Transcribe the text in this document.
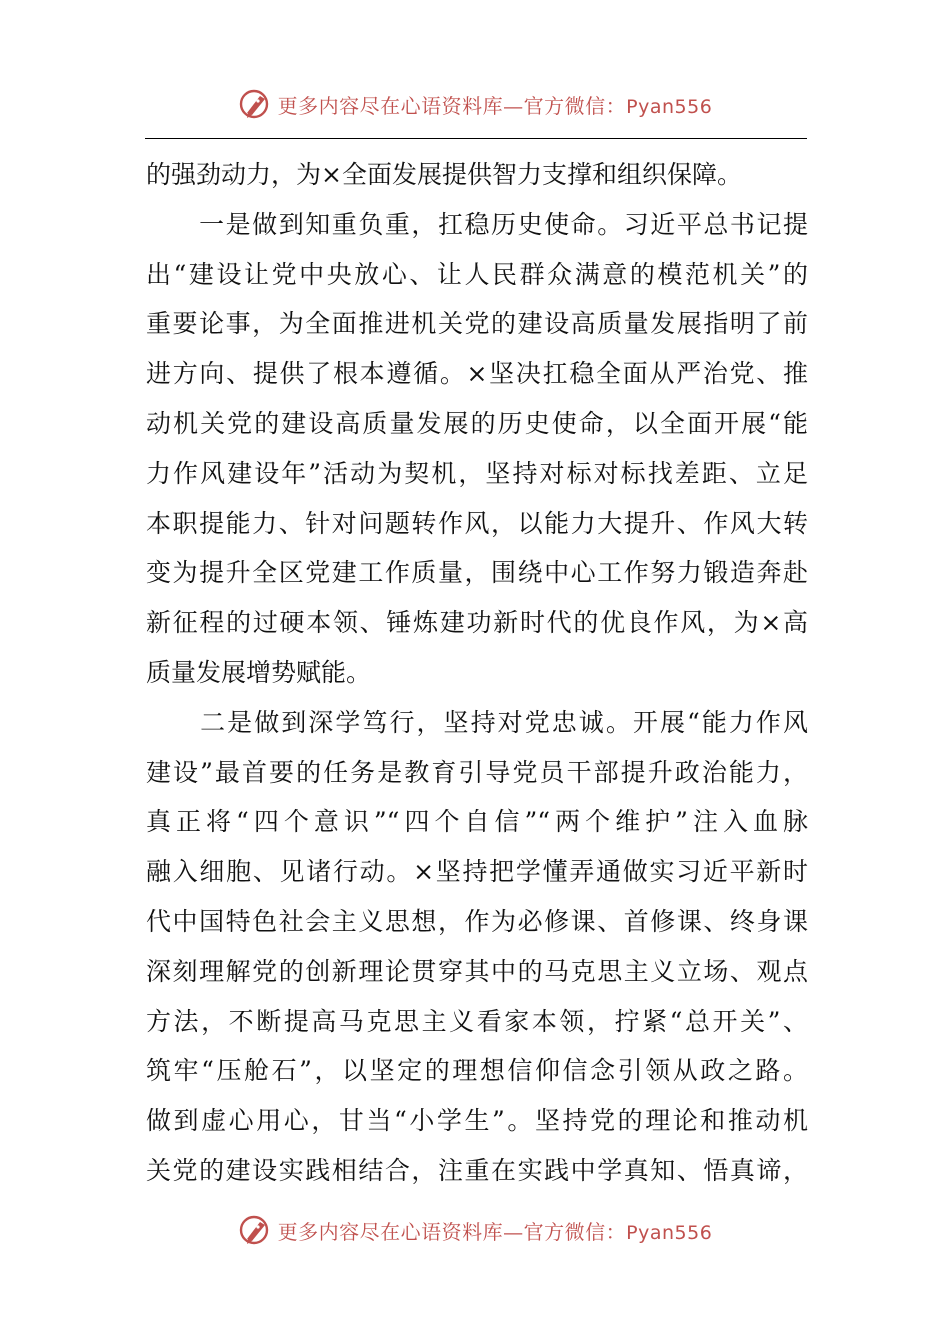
更多内容尽在心语资料库—官方微信：Pyan556
的强劲动力，为×全面发展提供智力支撑和组织保障。
　　一是做到知重负重，扛稳历史使命。习近平总书记提
出“建设让党中央放心、让人民群众满意的模范机关”的
重要论事，为全面推进机关党的建设高质量发展指明了前
进方向、提供了根本遵循。×坚决扛稳全面从严治党、推
动机关党的建设高质量发展的历史使命，以全面开展“能
力作风建设年”活动为契机，坚持对标对标找差距、立足
本职提能力、针对问题转作风，以能力大提升、作风大转
变为提升全区党建工作质量，围绕中心工作努力锻造奔赴
新征程的过硬本领、锤炼建功新时代的优良作风，为×高
质量发展增势赋能。
　　二是做到深学笃行，坚持对党忠诚。开展“能力作风
建设”最首要的任务是教育引导党员干部提升政治能力，
真正将“四个意识”“四个自信”“两个维护”注入血脉
融入细胞、见诸行动。×坚持把学懂弄通做实习近平新时
代中国特色社会主义思想，作为必修课、首修课、终身课
深刻理解党的创新理论贯穿其中的马克思主义立场、观点
方法，不断提高马克思主义看家本领，拧紧“总开关”、
筑牢“压舱石”，以坚定的理想信仰信念引领从政之路。
做到虚心用心，甘当“小学生”。坚持党的理论和推动机
关党的建设实践相结合，注重在实践中学真知、悟真谛，
更多内容尽在心语资料库—官方微信：Pyan556
